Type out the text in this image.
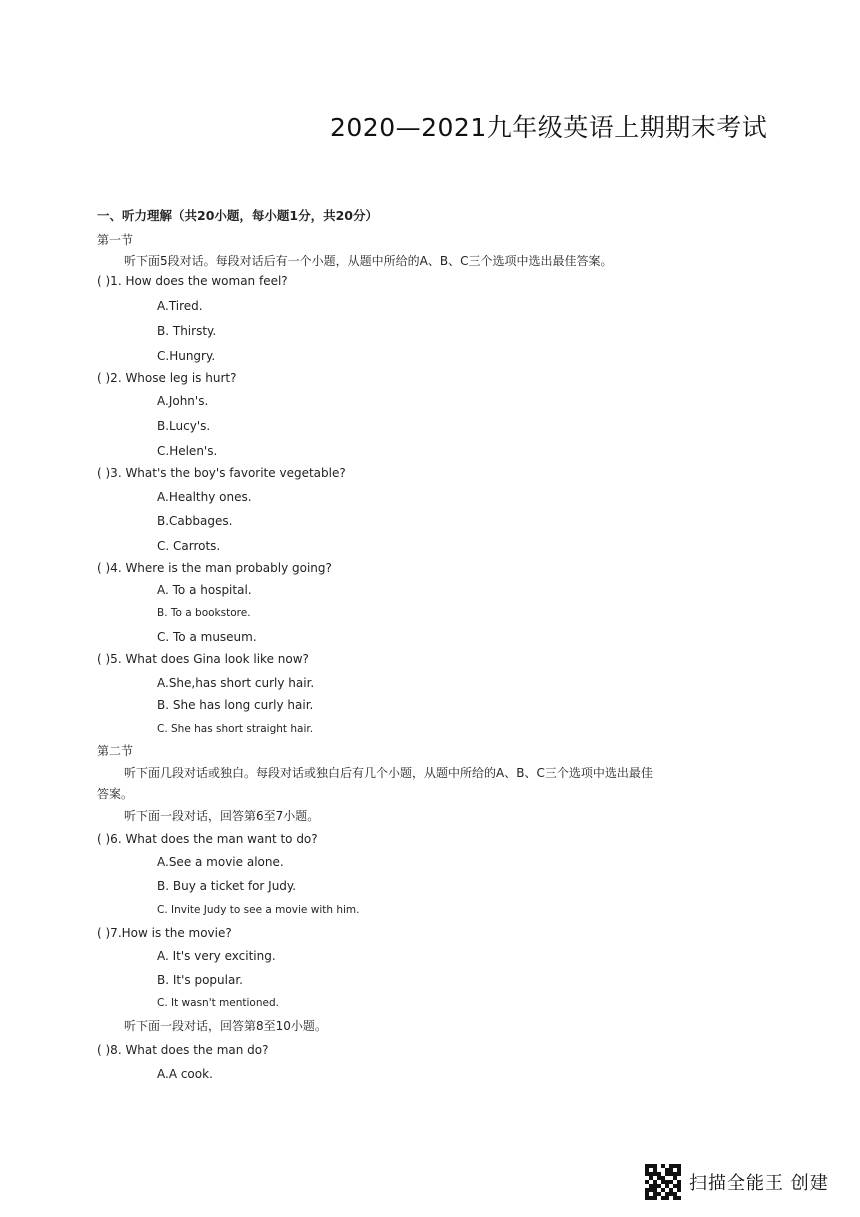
2020—2021九年级英语上期期末考试
一、听力理解（共20小题，每小题1分，共20分）
第一节
听下面5段对话。每段对话后有一个小题，从题中所给的A、B、C三个选项中选出最佳答案。
( )1. How does the woman feel?
A.Tired.
B. Thirsty.
C.Hungry.
( )2. Whose leg is hurt?
A.John's.
B.Lucy's.
C.Helen's.
( )3. What's the boy's favorite vegetable?
A.Healthy ones.
B.Cabbages.
C. Carrots.
( )4. Where is the man probably going?
A. To a hospital.
B. To a bookstore.
C. To a museum.
( )5. What does Gina look like now?
A.She,has short curly hair.
B. She has long curly hair.
C. She has short straight hair.
第二节
听下面几段对话或独白。每段对话或独白后有几个小题，从题中所给的A、B、C三个选项中选出最佳
答案。
听下面一段对话，回答第6至7小题。
( )6. What does the man want to do?
A.See a movie alone.
B. Buy a ticket for Judy.
C. Invite Judy to see a movie with him.
( )7.How is the movie?
A. It's very exciting.
B. It's popular.
C. It wasn't mentioned.
听下面一段对话，回答第8至10小题。
( )8. What does the man do?
A.A cook.
扫描全能王 创建
